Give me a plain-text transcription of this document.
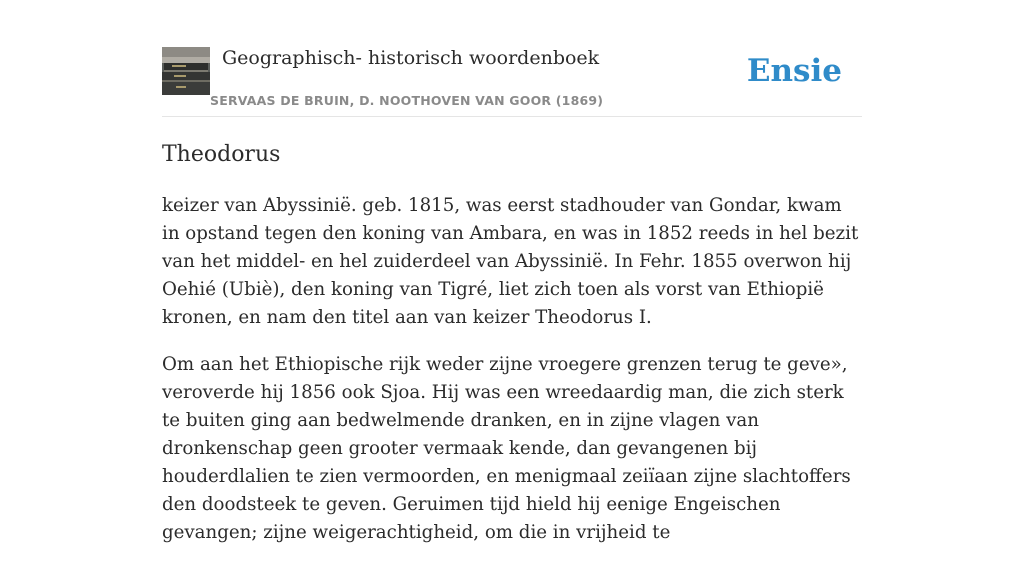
Geographisch- historisch woordenboek
SERVAAS DE BRUIN, D. NOOTHOVEN VAN GOOR (1869)
Ensie
Theodorus

keizer van Abyssinië. geb. 1815, was eerst stadhouder van Gondar, kwam in opstand tegen den koning van Ambara, en was in 1852 reeds in hel bezit van het middel- en hel zuiderdeel van Abyssinië. In Fehr. 1855 overwon hij Oehié (Ubiè), den koning van Tigré, liet zich toen als vorst van Ethiopië kronen, en nam den titel aan van keizer Theodorus I.

Om aan het Ethiopische rijk weder zijne vroegere grenzen terug te geve», veroverde hij 1856 ook Sjoa. Hij was een wreedaardig man, die zich sterk te buiten ging aan bedwelmende dranken, en in zijne vlagen van dronkenschap geen grooter vermaak kende, dan gevangenen bij houderdlalien te zien vermoorden, en menigmaal zeiïaan zijne slachtoffers den doodsteek te geven. Geruimen tijd hield hij eenige Engeischen gevangen; zijne weigerachtigheid, om die in vrijheid te
